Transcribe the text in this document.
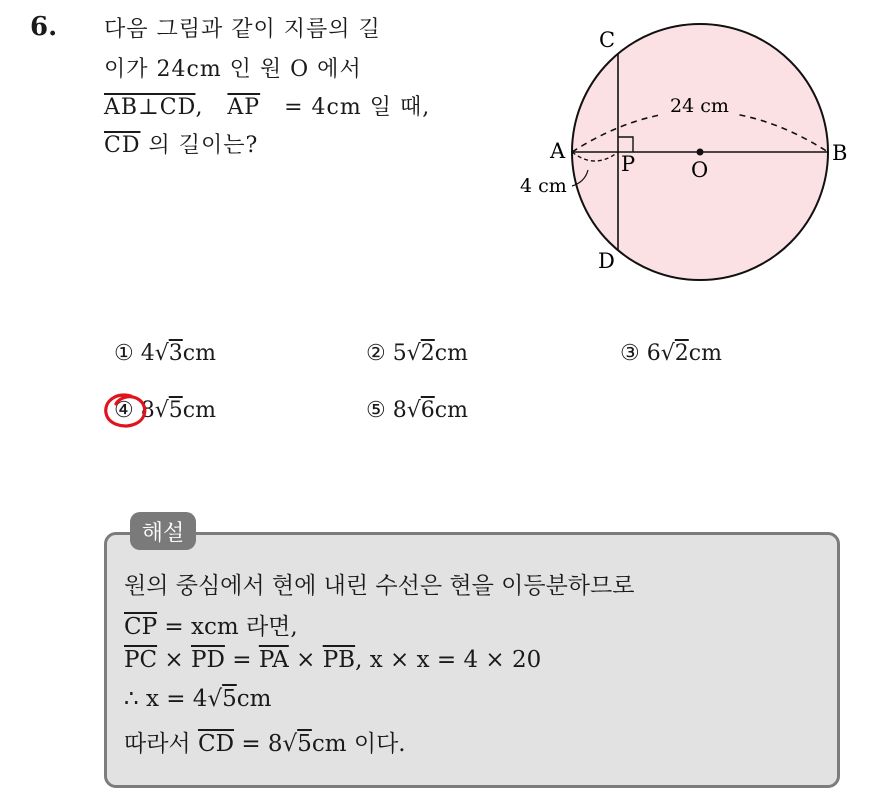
6. 다음 그림과 같이 지름의 길
이가 24cm 인 원 O 에서
AB⊥CD,   $\overline{AP} = 4cm$ 일 때,
$\overline{CD}$ 의 길이는?
C
D
A	B
P	O
24 cm
4 cm
① 4√3cm	② 5√2cm	③ 6√2cm
④ 8√5cm	⑤ 8√6cm
해설
원의 중심에서 현에 내린 수선은 현을 이등분하므로
$\overline{CP}$ = xcm 라면,
$\overline{PC} \times \overline{PD} = \overline{PA} \times \overline{PB}$, x × x = 4 × 20
∴ x = 4√5cm
따라서 $\overline{CD} = 8√5cm$ 이다.
